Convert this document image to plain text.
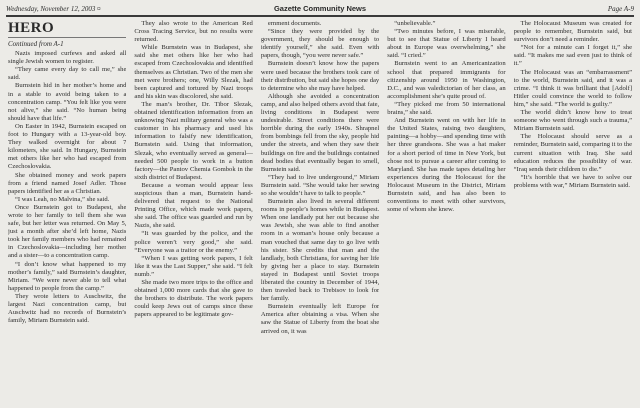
Wednesday, November 12, 2003 ¤	Gazette Community News	Page A-9
HERO
Continued from A-1

Nazis imposed curfews and asked all single Jewish women to register.

“They came every day to call me,” she said.

Burnstein hid in her mother’s home and in a stable to avoid being taken to a concentration camp. “You felt like you were not alive,” she said. “No human being should have that life.”

On Easter in 1942, Burnstein escaped on foot to Hungary with a 13-year-old boy. They walked overnight for about 7 kilometers, she said. In Hungary, Burnstein met others like her who had escaped from Czechoslovakia.

She obtained money and work papers from a friend named Josef Adler. Those papers identified her as a Christian.

“I was Leah, no Malvina,” she said.

Once Burnstein got to Budapest, she wrote to her family to tell them she was safe, but her letter was returned. On May 5, just a month after she’d left home, Nazis took her family members who had remained in Czechoslovakia—including her mother and a sister—to a concentration camp.

“I don’t know what happened to my mother’s family,” said Burnstein’s daughter, Miriam. “We were never able to tell what happened to people from the camp.”

They wrote letters to Auschwitz, the largest Nazi concentration camp, but Auschwitz had no records of Burnstein’s family, Miriam Burnstein said.

They also wrote to the American Red Cross Tracing Service, but no results were returned.

While Burnstein was in Budapest, she said she met others like her who had escaped from Czechoslovakia and identified themselves as Christian. Two of the men she met were brothers; one, Willy Slezak, had been captured and tortured by Nazi troops and his skin was discolored, she said.

The man’s brother, Dr. Tibor Slezak, obtained identification information from an unknowing Nazi military general who was a customer in his pharmacy and used his information to falsify new identification, Burnstein said. Using that information, Slezak, who eventually served as general—needed 500 people to work in a button factory—the Pantov Chemia Gombok in the sixth district of Budapest.

Because a woman would appear less suspicious than a man, Burnstein hand-delivered that request to the National Printing Office, which made work papers, she said. The office was guarded and run by Nazis, she said.

“It was guarded by the police, and the police weren’t very good,” she said. “Everyone was a traitor or the enemy.”

“When I was getting work papers, I felt like it was the Last Supper,” she said. “I felt numb.”

She made two more trips to the office and obtained 1,000 more cards that she gave to the brothers to distribute. The work papers could keep Jews out of camps since these papers appeared to be legitimate gov-

ernment documents.

“Since they were provided by the government, they should be enough to identify yourself,” she said. Even with papers, though, “you were never safe.”

Burnstein doesn’t know how the papers were used because the brothers took care of their distribution, but said she hopes one day to determine who she may have helped.

Although she avoided a concentration camp, and also helped others avoid that fate, living conditions in Budapest were undesirable. Street conditions there were horrible during the early 1940s. Shrapnel from bombings fell from the sky, people hid under the streets, and when they saw their buildings on fire and the buildings contained dead bodies that eventually began to smell, Burnstein said.

“They had to live underground,” Miriam Burnstein said. “She would take her sewing so she wouldn’t have to talk to people.”

Burnstein also lived in several different rooms in people’s homes while in Budapest. When one landlady put her out because she was Jewish, she was able to find another room in a woman’s house only because a man vouched that same day to go live with his sister. She credits that man and the landlady, both Christians, for saving her life by giving her a place to stay. Burnstein stayed in Budapest until Soviet troops liberated the country in December of 1944, then traveled back to Trebisov to look for her family.

Burnstein eventually left Europe for America after obtaining a visa. When she saw the Statue of Liberty from the boat she arrived on, it was

“unbelievable.”

“Two minutes before, I was miserable, but to see that Statue of Liberty I heard about in Europe was overwhelming,” she said. “I cried.”

Burnstein went to an Americanization school that prepared immigrants for citizenship around 1950 in Washington, D.C., and was valedictorian of her class, an accomplishment she’s quite proud of.

“They picked me from 50 international brains,” she said.

And Burnstein went on with her life in the United States, raising two daughters, painting—a hobby—and spending time with her three grandsons. She was a hat maker for a short period of time in New York, but chose not to pursue a career after coming to Maryland. She has made tapes detailing her experiences during the Holocaust for the Holocaust Museum in the District, Miriam Burnstein said, and has also been to conventions to meet with other survivors, some of whom she knew.

The Holocaust Museum was created for people to remember, Burnstein said, but survivors don’t need a reminder.

“Not for a minute can I forget it,” she said. “It makes me sad even just to think of it.”

The Holocaust was an “embarrassment” to the world, Burnstein said, and it was a crime. “I think it was brilliant that [Adolf] Hitler could convince the world to follow him,” she said. “The world is guilty.”

The world didn’t know how to treat someone who went through such a trauma,” Miriam Burnstein said.

The Holocaust should serve as a reminder, Burnstein said, comparing it to the current situation with Iraq. She said education reduces the possibility of war. “Iraq sends their children to die.”

“It’s horrible that we have to solve our problems with war,” Miriam Burnstein said.
